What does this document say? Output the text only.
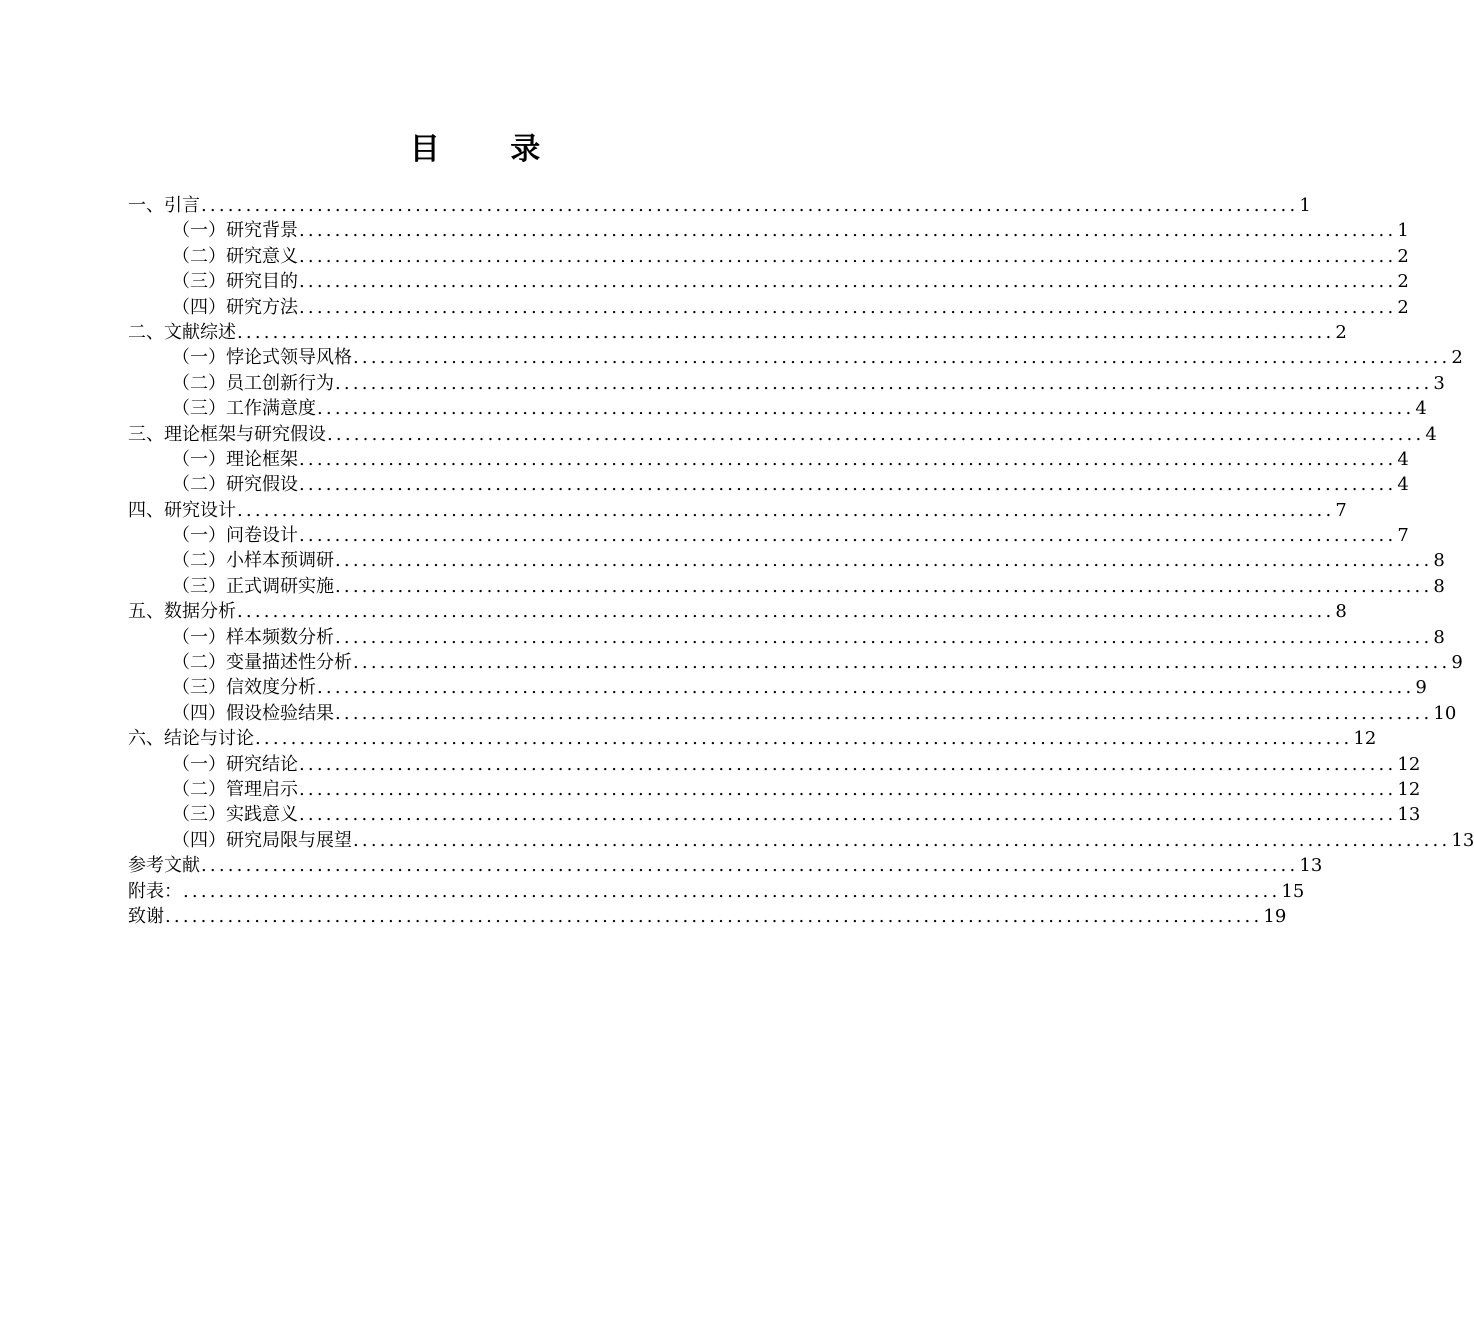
目 录
一、引言 ........................................................................................................................... 1
（一）研究背景 ........................................................................................................................... 1
（二）研究意义 ........................................................................................................................... 2
（三）研究目的 ........................................................................................................................... 2
（四）研究方法 ........................................................................................................................... 2
二、文献综述 ........................................................................................................................... 2
（一）悖论式领导风格 ........................................................................................................................... 2
（二）员工创新行为 ........................................................................................................................... 3
（三）工作满意度 ........................................................................................................................... 4
三、理论框架与研究假设 ........................................................................................................................... 4
（一）理论框架 ........................................................................................................................... 4
（二）研究假设 ........................................................................................................................... 4
四、研究设计 ........................................................................................................................... 7
（一）问卷设计 ........................................................................................................................... 7
（二）小样本预调研 ........................................................................................................................... 8
（三）正式调研实施 ........................................................................................................................... 8
五、数据分析 ........................................................................................................................... 8
（一）样本频数分析 ........................................................................................................................... 8
（二）变量描述性分析 ........................................................................................................................... 9
（三）信效度分析 ........................................................................................................................... 9
（四）假设检验结果 ........................................................................................................................... 10
六、结论与讨论 ........................................................................................................................... 12
（一）研究结论 ........................................................................................................................... 12
（二）管理启示 ........................................................................................................................... 12
（三）实践意义 ........................................................................................................................... 13
（四）研究局限与展望 ........................................................................................................................... 13
参考文献 ........................................................................................................................... 13
附表： ........................................................................................................................... 15
致谢 ........................................................................................................................... 19
